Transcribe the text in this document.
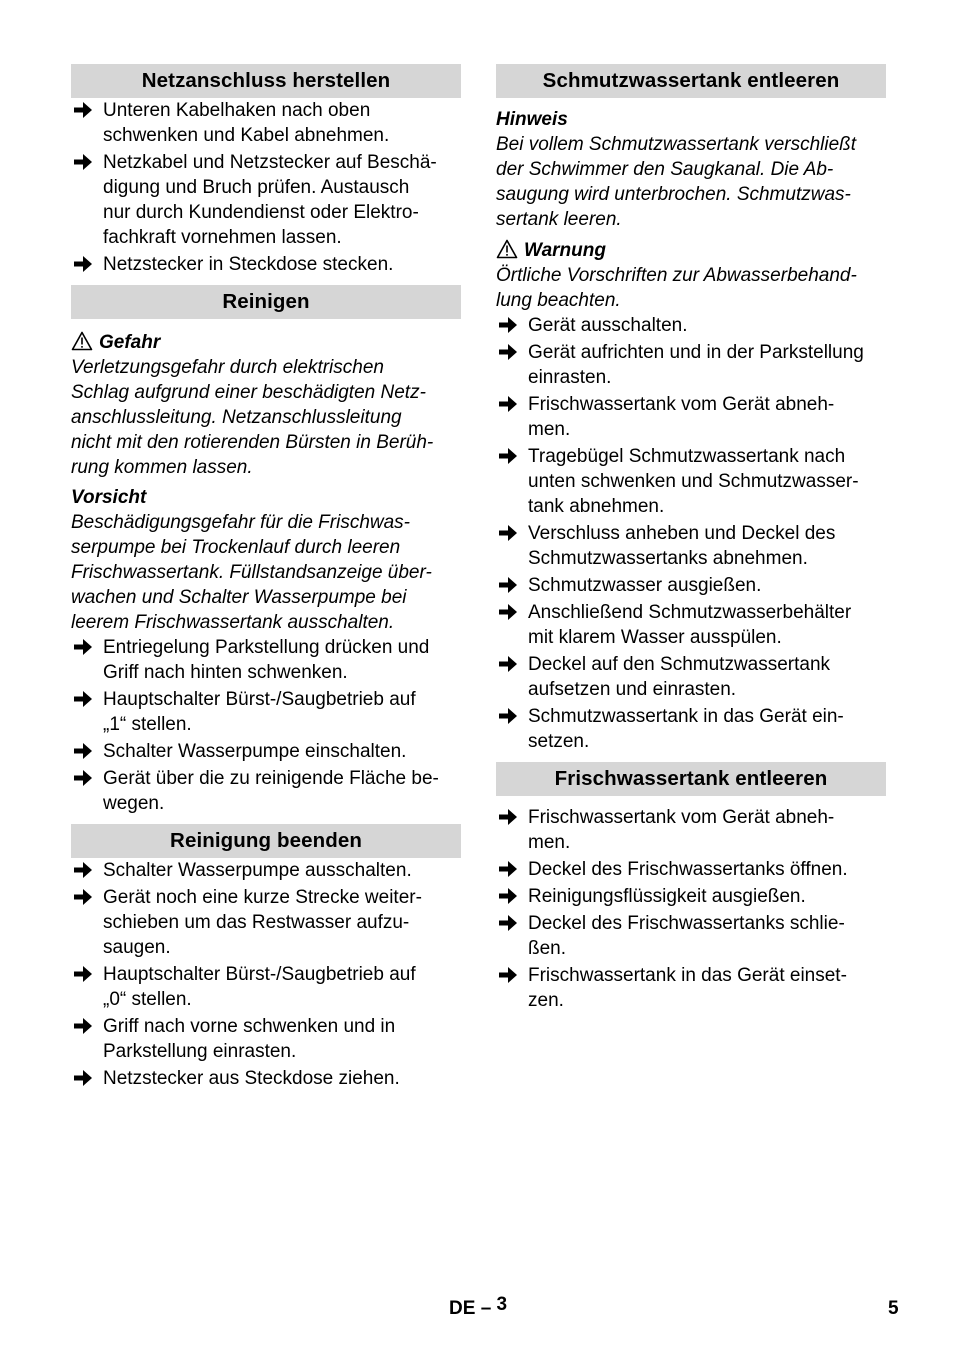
Netzanschluss herstellen
Unteren Kabelhaken nach oben
schwenken und Kabel abnehmen.
Netzkabel und Netzstecker auf Beschä-
digung und Bruch prüfen. Austausch
nur durch Kundendienst oder Elektro-
fachkraft vornehmen lassen.
Netzstecker in Steckdose stecken.
Reinigen
Gefahr
Verletzungsgefahr durch elektrischen
Schlag aufgrund einer beschädigten Netz-
anschlussleitung. Netzanschlussleitung
nicht mit den rotierenden Bürsten in Berüh-
rung kommen lassen.
Vorsicht
Beschädigungsgefahr für die Frischwas-
serpumpe bei Trockenlauf durch leeren
Frischwassertank. Füllstandsanzeige über-
wachen und Schalter Wasserpumpe bei
leerem Frischwassertank ausschalten.
Entriegelung Parkstellung drücken und
Griff nach hinten schwenken.
Hauptschalter Bürst-/Saugbetrieb auf
„1“ stellen.
Schalter Wasserpumpe einschalten.
Gerät über die zu reinigende Fläche be-
wegen.
Reinigung beenden
Schalter Wasserpumpe ausschalten.
Gerät noch eine kurze Strecke weiter-
schieben um das Restwasser aufzu-
saugen.
Hauptschalter Bürst-/Saugbetrieb auf
„0“ stellen.
Griff nach vorne schwenken und in
Parkstellung einrasten.
Netzstecker aus Steckdose ziehen.
Schmutzwassertank entleeren
Hinweis
Bei vollem Schmutzwassertank verschließt
der Schwimmer den Saugkanal. Die Ab-
saugung wird unterbrochen. Schmutzwas-
sertank leeren.
Warnung
Örtliche Vorschriften zur Abwasserbehand-
lung beachten.
Gerät ausschalten.
Gerät aufrichten und in der Parkstellung
einrasten.
Frischwassertank vom Gerät abneh-
men.
Tragebügel Schmutzwassertank nach
unten schwenken und Schmutzwasser-
tank abnehmen.
Verschluss anheben und Deckel des
Schmutzwassertanks abnehmen.
Schmutzwasser ausgießen.
Anschließend Schmutzwasserbehälter
mit klarem Wasser ausspülen.
Deckel auf den Schmutzwassertank
aufsetzen und einrasten.
Schmutzwassertank in das Gerät ein-
setzen.
Frischwassertank entleeren
Frischwassertank vom Gerät abneh-
men.
Deckel des Frischwassertanks öffnen.
Reinigungsflüssigkeit ausgießen.
Deckel des Frischwassertanks schlie-
ßen.
Frischwassertank in das Gerät einset-
zen.
DE – 3	5
